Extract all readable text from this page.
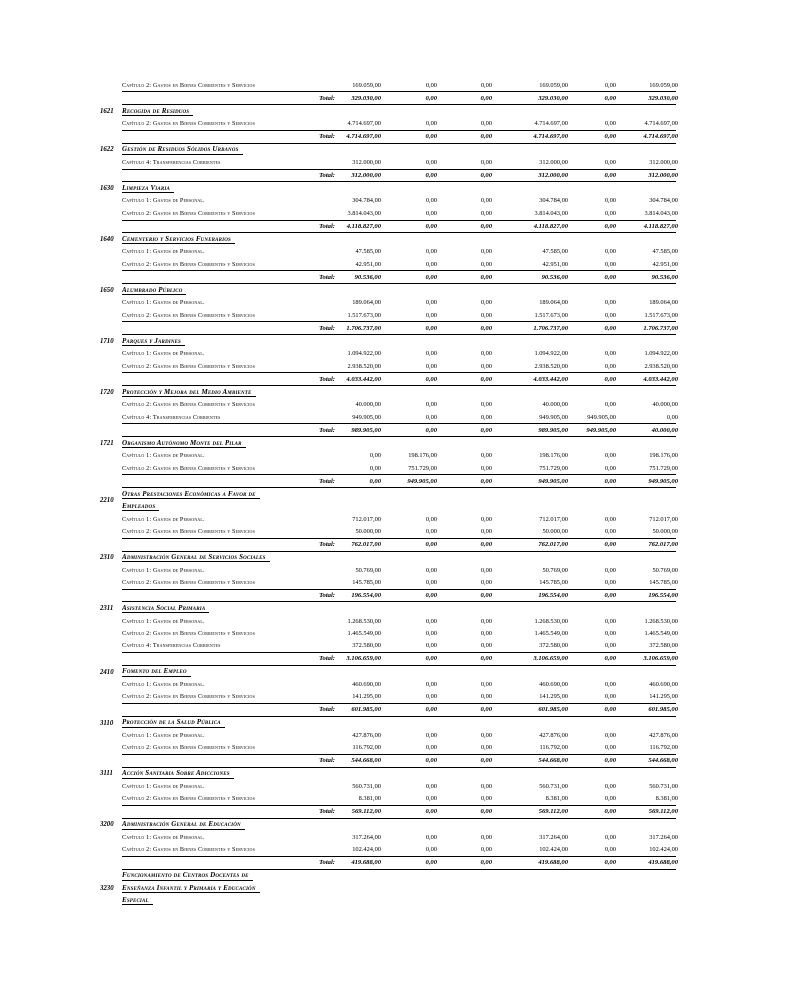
Capítulo 2: Gastos en Bienes Corrientes y Servicios	169.059,00	0,00	0,00	169.059,00	0,00	169.059,00
Total:	329.030,00	0,00	0,00	329.030,00	0,00	329.030,00
1621	Recogida de Residuos
Capítulo 2: Gastos en Bienes Corrientes y Servicios	4.714.697,00	0,00	0,00	4.714.697,00	0,00	4.714.697,00
Total:	4.714.697,00	0,00	0,00	4.714.697,00	0,00	4.714.697,00
1622	Gestión de Residuos Sólidos Urbanos
Capítulo 4: Transferencias Corrientes	312.000,00	0,00	0,00	312.000,00	0,00	312.000,00
Total:	312.000,00	0,00	0,00	312.000,00	0,00	312.000,00
1630	Limpieza Viaria
Capítulo 1: Gastos de Personal.	304.784,00	0,00	0,00	304.784,00	0,00	304.784,00
Capítulo 2: Gastos en Bienes Corrientes y Servicios	3.814.043,00	0,00	0,00	3.814.043,00	0,00	3.814.043,00
Total:	4.118.827,00	0,00	0,00	4.118.827,00	0,00	4.118.827,00
1640	Cementerio y Servicios Funerarios
Capítulo 1: Gastos de Personal.	47.585,00	0,00	0,00	47.585,00	0,00	47.585,00
Capítulo 2: Gastos en Bienes Corrientes y Servicios	42.951,00	0,00	0,00	42.951,00	0,00	42.951,00
Total:	90.536,00	0,00	0,00	90.536,00	0,00	90.536,00
1650	Alumbrado Público
Capítulo 1: Gastos de Personal.	189.064,00	0,00	0,00	189.064,00	0,00	189.064,00
Capítulo 2: Gastos en Bienes Corrientes y Servicios	1.517.673,00	0,00	0,00	1.517.673,00	0,00	1.517.673,00
Total:	1.706.737,00	0,00	0,00	1.706.737,00	0,00	1.706.737,00
1710	Parques y Jardines
Capítulo 1: Gastos de Personal.	1.094.922,00	0,00	0,00	1.094.922,00	0,00	1.094.922,00
Capítulo 2: Gastos en Bienes Corrientes y Servicios	2.938.520,00	0,00	0,00	2.938.520,00	0,00	2.938.520,00
Total:	4.033.442,00	0,00	0,00	4.033.442,00	0,00	4.033.442,00
1720	Protección y Mejora del Medio Ambiente
Capítulo 2: Gastos en Bienes Corrientes y Servicios	40.000,00	0,00	0,00	40.000,00	0,00	40.000,00
Capítulo 4: Transferencias Corrientes	949.905,00	0,00	0,00	949.905,00	949.905,00	0,00
Total:	989.905,00	0,00	0,00	989.905,00	949.905,00	40.000,00
1721	Organismo Autónomo Monte del Pilar
Capítulo 1: Gastos de Personal.	0,00	198.176,00	0,00	198.176,00	0,00	198.176,00
Capítulo 2: Gastos en Bienes Corrientes y Servicios	0,00	751.729,00	0,00	751.729,00	0,00	751.729,00
Total:	0,00	949.905,00	0,00	949.905,00	0,00	949.905,00
2210
Otras Prestaciones Económicas a Favor de
Empleados
Capítulo 1: Gastos de Personal.	712.017,00	0,00	0,00	712.017,00	0,00	712.017,00
Capítulo 2: Gastos en Bienes Corrientes y Servicios	50.000,00	0,00	0,00	50.000,00	0,00	50.000,00
Total:	762.017,00	0,00	0,00	762.017,00	0,00	762.017,00
2310	Administración General de Servicios Sociales
Capítulo 1: Gastos de Personal.	50.769,00	0,00	0,00	50.769,00	0,00	50.769,00
Capítulo 2: Gastos en Bienes Corrientes y Servicios	145.785,00	0,00	0,00	145.785,00	0,00	145.785,00
Total:	196.554,00	0,00	0,00	196.554,00	0,00	196.554,00
2311	Asistencia Social Primaria
Capítulo 1: Gastos de Personal.	1.268.530,00	0,00	0,00	1.268.530,00	0,00	1.268.530,00
Capítulo 2: Gastos en Bienes Corrientes y Servicios	1.465.549,00	0,00	0,00	1.465.549,00	0,00	1.465.549,00
Capítulo 4: Transferencias Corrientes	372.580,00	0,00	0,00	372.580,00	0,00	372.580,00
Total:	3.106.659,00	0,00	0,00	3.106.659,00	0,00	3.106.659,00
2410	Fomento del Empleo
Capítulo 1: Gastos de Personal.	460.690,00	0,00	0,00	460.690,00	0,00	460.690,00
Capítulo 2: Gastos en Bienes Corrientes y Servicios	141.295,00	0,00	0,00	141.295,00	0,00	141.295,00
Total:	601.985,00	0,00	0,00	601.985,00	0,00	601.985,00
3110	Protección de la Salud Pública
Capítulo 1: Gastos de Personal.	427.876,00	0,00	0,00	427.876,00	0,00	427.876,00
Capítulo 2: Gastos en Bienes Corrientes y Servicios	116.792,00	0,00	0,00	116.792,00	0,00	116.792,00
Total:	544.668,00	0,00	0,00	544.668,00	0,00	544.668,00
3111	Acción Sanitaria Sobre Adicciones
Capítulo 1: Gastos de Personal.	560.731,00	0,00	0,00	560.731,00	0,00	560.731,00
Capítulo 2: Gastos en Bienes Corrientes y Servicios	8.381,00	0,00	0,00	8.381,00	0,00	8.381,00
Total:	569.112,00	0,00	0,00	569.112,00	0,00	569.112,00
3200	Administración General de Educación
Capítulo 1: Gastos de Personal.	317.264,00	0,00	0,00	317.264,00	0,00	317.264,00
Capítulo 2: Gastos en Bienes Corrientes y Servicios	102.424,00	0,00	0,00	102.424,00	0,00	102.424,00
Total:	419.688,00	0,00	0,00	419.688,00	0,00	419.688,00
3230
Funcionamiento de Centros Docentes de
Enseñanza Infantil y Primaria y Educación
Especial
